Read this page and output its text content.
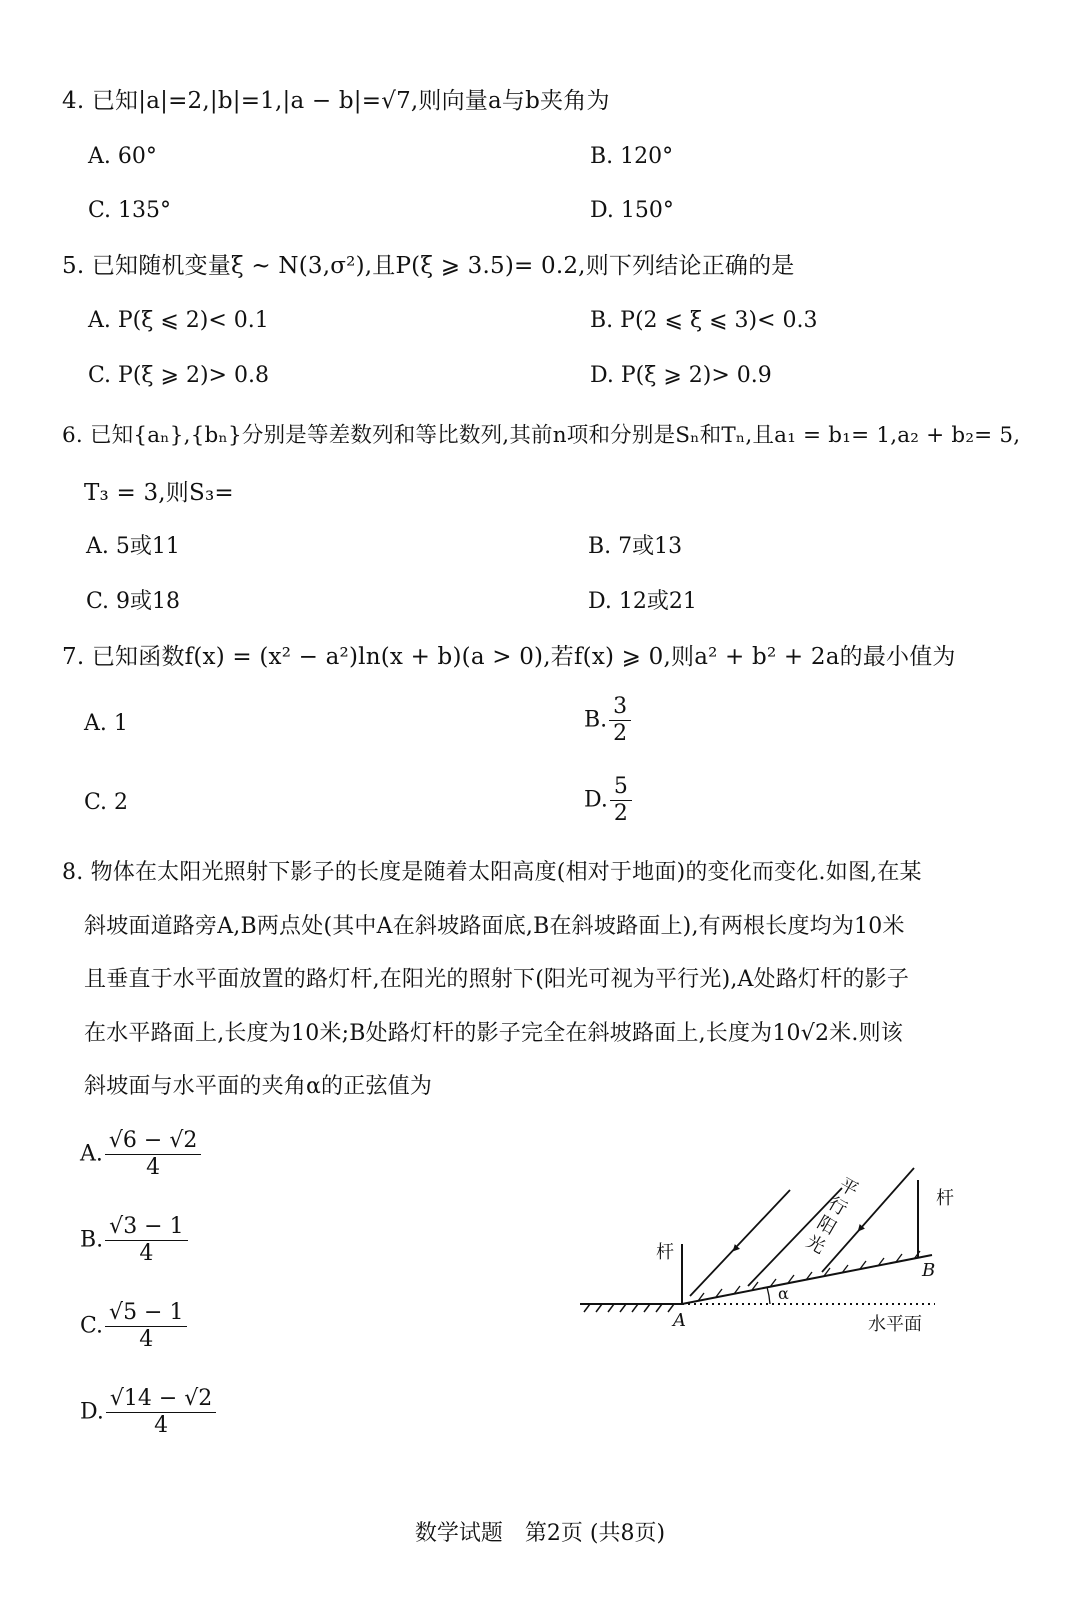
4. 已知|a|=2,|b|=1,|a − b|=√7,则向量a与b夹角为
A. 60°	B. 120°
C. 135°	D. 150°
5. 已知随机变量ξ ~ N(3,σ²),且P(ξ ⩾ 3.5)= 0.2,则下列结论正确的是
A. P(ξ ⩽ 2)< 0.1	B. P(2 ⩽ ξ ⩽ 3)< 0.3
C. P(ξ ⩾ 2)> 0.8	D. P(ξ ⩾ 2)> 0.9
6. 已知{aₙ},{bₙ}分别是等差数列和等比数列,其前n项和分别是Sₙ和Tₙ,且a₁ = b₁= 1,a₂ + b₂= 5,
T₃ = 3,则S₃=
A. 5或11	B. 7或13
C. 9或18	D. 12或21
7. 已知函数f(x) = (x² − a²)ln(x + b)(a > 0),若f(x) ⩾ 0,则a² + b² + 2a的最小值为
A. 1	B. $\frac{3}{2}$
C. 2	D. $\frac{5}{2}$
8. 物体在太阳光照射下影子的长度是随着太阳高度(相对于地面)的变化而变化.如图,在某
斜坡面道路旁A,B两点处(其中A在斜坡路面底,B在斜坡路面上),有两根长度均为10米
且垂直于水平面放置的路灯杆,在阳光的照射下(阳光可视为平行光),A处路灯杆的影子
在水平路面上,长度为10米;B处路灯杆的影子完全在斜坡路面上,长度为10√2米.则该
斜坡面与水平面的夹角α的正弦值为
A. $\frac{√6 - √2}{4}$
B. $\frac{√3 - 1}{4}$
C. $\frac{√5 - 1}{4}$
D. $\frac{√14 - √2}{4}$
杆
杆
平行阳光
A
B
α
水平面
数学试题　第2页 (共8页)
